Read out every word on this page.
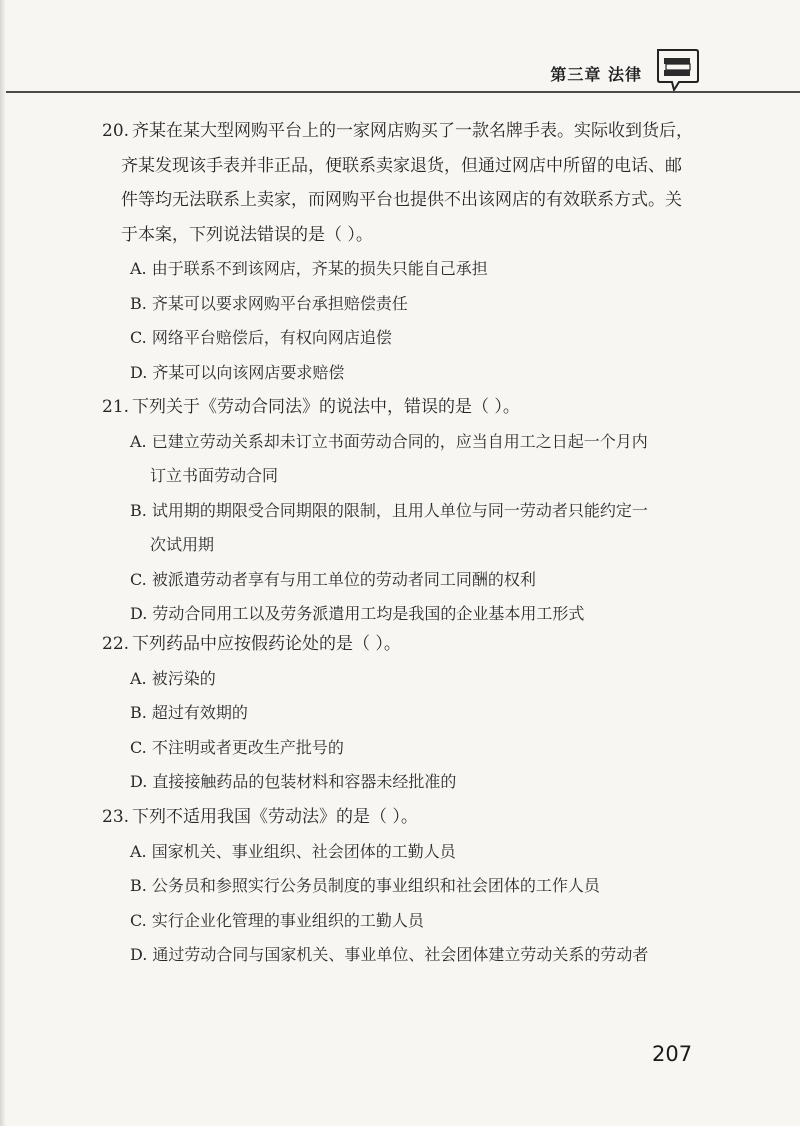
第三章 法律
20. 齐某在某大型网购平台上的一家网店购买了一款名牌手表。实际收到货后，
齐某发现该手表并非正品，便联系卖家退货，但通过网店中所留的电话、邮
件等均无法联系上卖家，而网购平台也提供不出该网店的有效联系方式。关
于本案，下列说法错误的是（ ）。
A. 由于联系不到该网店，齐某的损失只能自己承担
B. 齐某可以要求网购平台承担赔偿责任
C. 网络平台赔偿后，有权向网店追偿
D. 齐某可以向该网店要求赔偿
21. 下列关于《劳动合同法》的说法中，错误的是（ ）。
A. 已建立劳动关系却未订立书面劳动合同的，应当自用工之日起一个月内
订立书面劳动合同
B. 试用期的期限受合同期限的限制，且用人单位与同一劳动者只能约定一
次试用期
C. 被派遣劳动者享有与用工单位的劳动者同工同酬的权利
D. 劳动合同用工以及劳务派遣用工均是我国的企业基本用工形式
22. 下列药品中应按假药论处的是（ ）。
A. 被污染的
B. 超过有效期的
C. 不注明或者更改生产批号的
D. 直接接触药品的包装材料和容器未经批准的
23. 下列不适用我国《劳动法》的是（ ）。
A. 国家机关、事业组织、社会团体的工勤人员
B. 公务员和参照实行公务员制度的事业组织和社会团体的工作人员
C. 实行企业化管理的事业组织的工勤人员
D. 通过劳动合同与国家机关、事业单位、社会团体建立劳动关系的劳动者
207
